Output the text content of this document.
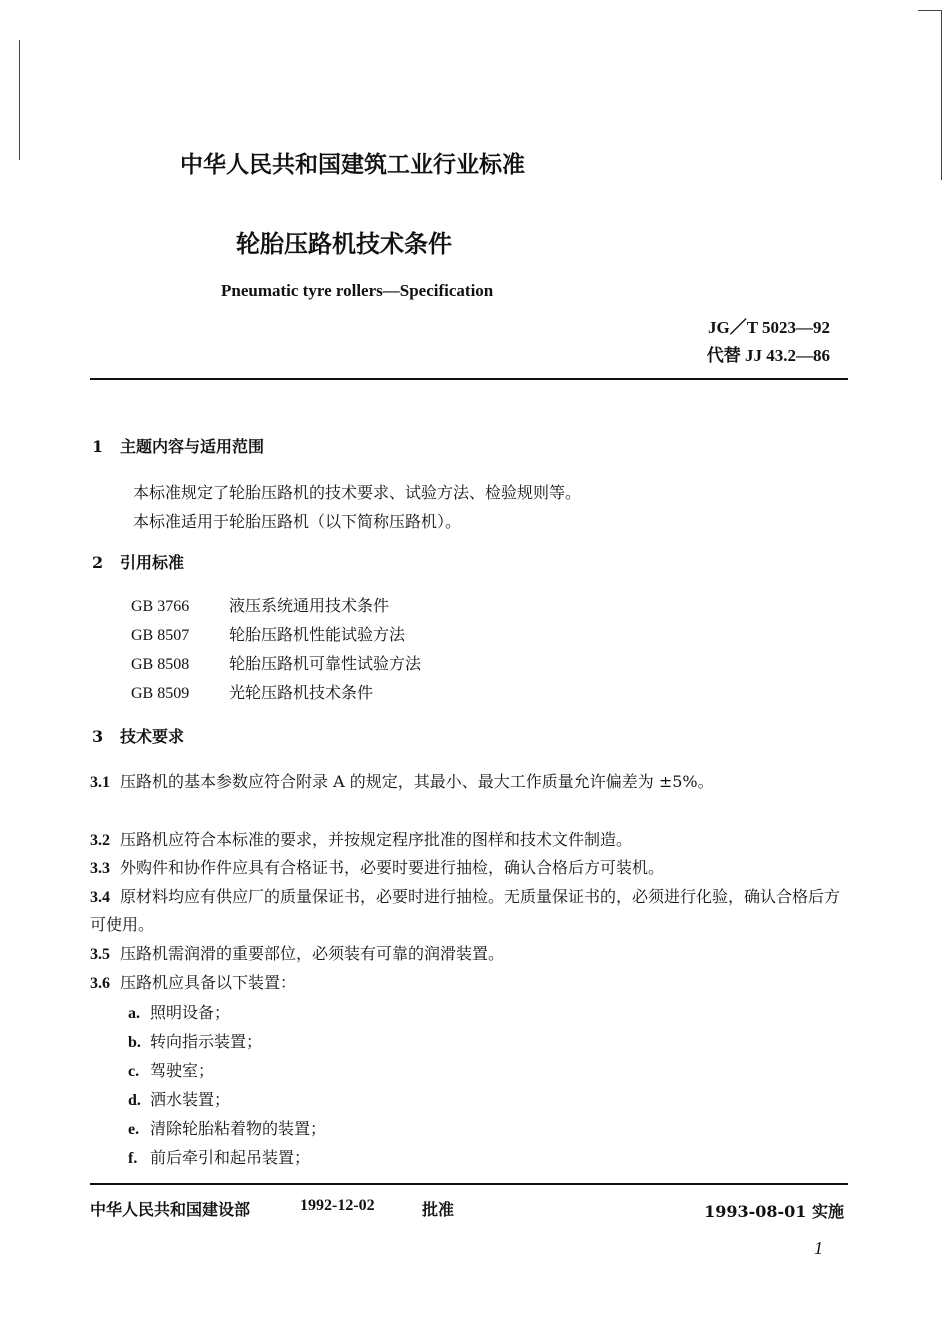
中华人民共和国建筑工业行业标准
轮胎压路机技术条件
Pneumatic tyre rollers—Specification
JG／T 5023—92
代替 JJ 43.2—86
1 主题内容与适用范围
本标准规定了轮胎压路机的技术要求、试验方法、检验规则等。
本标准适用于轮胎压路机（以下简称压路机）。
2 引用标准
GB 3766 液压系统通用技术条件
GB 8507 轮胎压路机性能试验方法
GB 8508 轮胎压路机可靠性试验方法
GB 8509 光轮压路机技术条件
3 技术要求
3.1 压路机的基本参数应符合附录 A 的规定，其最小、最大工作质量允许偏差为 ±5%。
3.2 压路机应符合本标准的要求，并按规定程序批准的图样和技术文件制造。
3.3 外购件和协作件应具有合格证书，必要时要进行抽检，确认合格后方可装机。
3.4 原材料均应有供应厂的质量保证书，必要时进行抽检。无质量保证书的，必须进行化验，确认合格后方可使用。
3.5 压路机需润滑的重要部位，必须装有可靠的润滑装置。
3.6 压路机应具备以下装置：
a. 照明设备；
b. 转向指示装置；
c. 驾驶室；
d. 洒水装置；
e. 清除轮胎粘着物的装置；
f. 前后牵引和起吊装置；
中华人民共和国建设部	1992-12-02	批准	1993-08-01 实施
1
